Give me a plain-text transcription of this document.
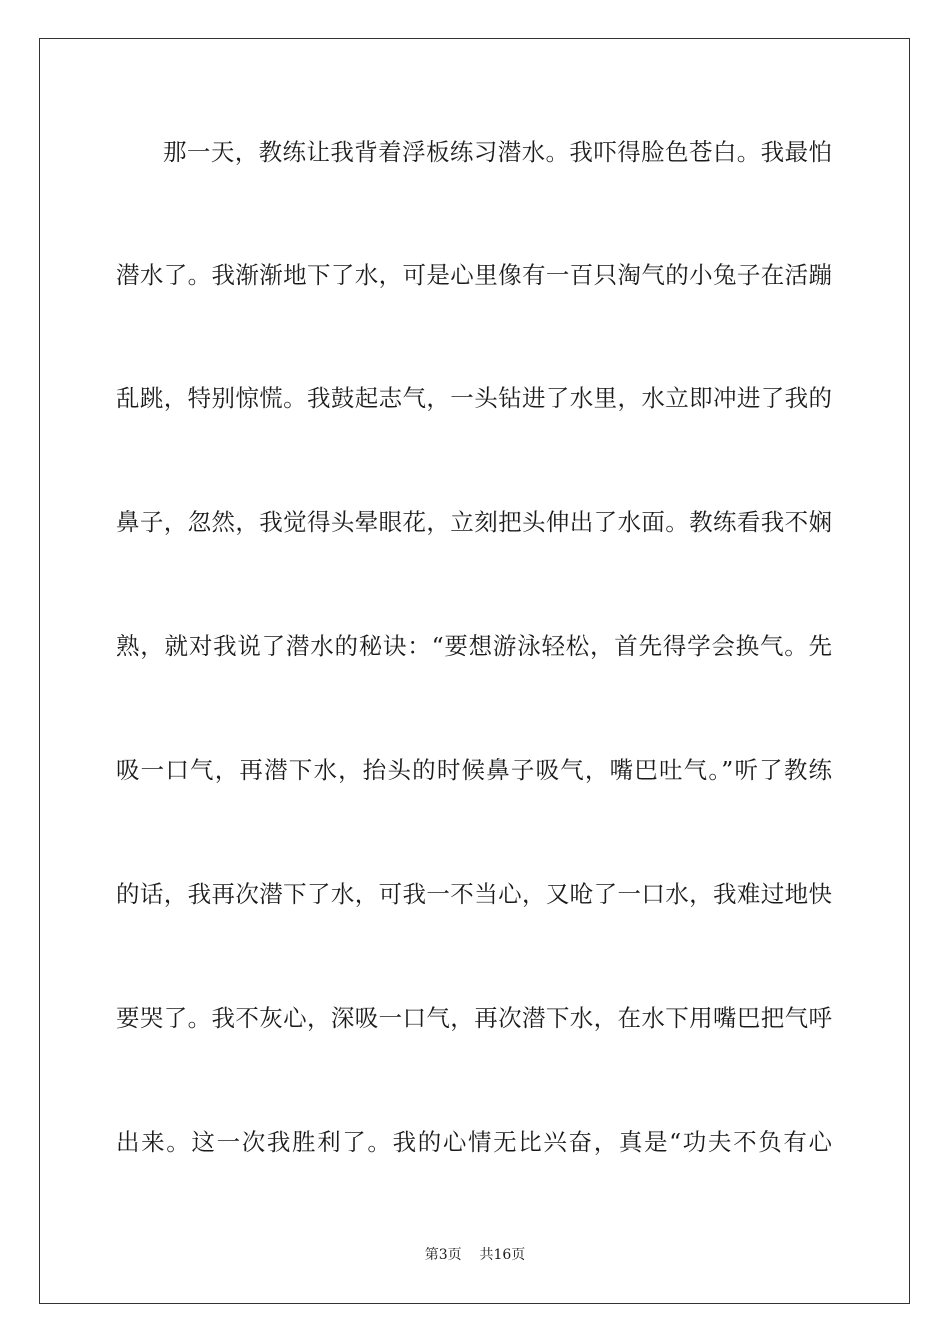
那一天，教练让我背着浮板练习潜水。我吓得脸色苍白。我最怕
潜水了。我渐渐地下了水，可是心里像有一百只淘气的小兔子在活蹦
乱跳，特别惊慌。我鼓起志气，一头钻进了水里，水立即冲进了我的
鼻子，忽然，我觉得头晕眼花，立刻把头伸出了水面。教练看我不娴
熟，就对我说了潜水的秘诀：“要想游泳轻松，首先得学会换气。先
吸一口气，再潜下水，抬头的时候鼻子吸气，嘴巴吐气。”听了教练
的话，我再次潜下了水，可我一不当心，又呛了一口水，我难过地快
要哭了。我不灰心，深吸一口气，再次潜下水，在水下用嘴巴把气呼
出来。这一次我胜利了。我的心情无比兴奋，真是“功夫不负有心
第3页    共16页
